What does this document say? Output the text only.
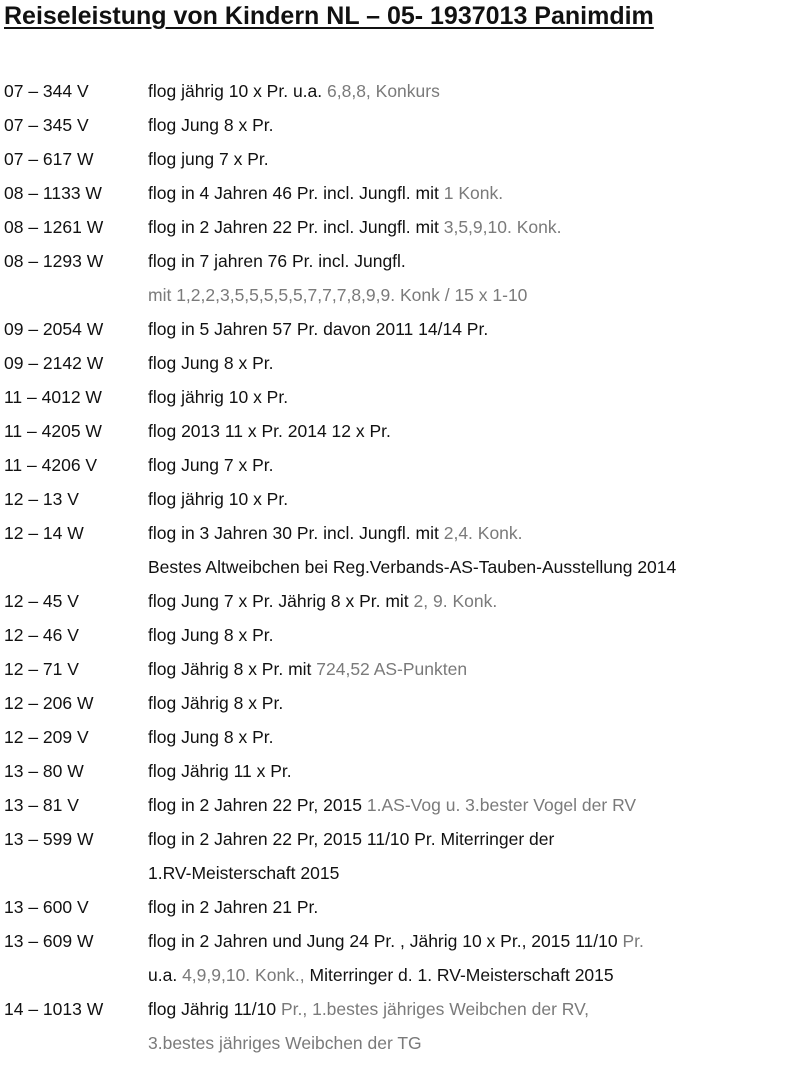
Reiseleistung von Kindern NL – 05- 1937013 Panimdim
07 – 344 V	flog jährig 10 x Pr. u.a. 6,8,8, Konkurs
07 – 345 V	flog Jung 8 x Pr.
07 – 617 W	flog jung 7 x Pr.
08 – 1133 W	flog in 4 Jahren 46 Pr. incl. Jungfl. mit 1 Konk.
08 – 1261 W	flog in 2 Jahren 22 Pr. incl. Jungfl. mit 3,5,9,10. Konk.
08 – 1293 W	flog in 7 jahren 76 Pr. incl. Jungfl.
mit 1,2,2,3,5,5,5,5,5,7,7,7,8,9,9. Konk / 15 x 1-10
09 – 2054 W	flog in 5 Jahren 57 Pr. davon 2011 14/14 Pr.
09 – 2142 W	flog Jung 8 x Pr.
11 – 4012 W	flog jährig 10 x Pr.
11 – 4205 W	flog 2013 11 x Pr. 2014 12 x Pr.
11 – 4206 V	flog Jung 7 x Pr.
12 – 13 V	flog jährig 10 x Pr.
12 – 14 W	flog in 3 Jahren 30 Pr. incl. Jungfl. mit 2,4. Konk.
Bestes Altweibchen bei Reg.Verbands-AS-Tauben-Ausstellung 2014
12 – 45 V	flog Jung 7 x Pr. Jährig 8 x Pr. mit 2, 9. Konk.
12 – 46 V	flog Jung 8 x Pr.
12 – 71 V	flog Jährig 8 x Pr. mit 724,52 AS-Punkten
12 – 206 W	flog Jährig 8 x Pr.
12 – 209 V	flog Jung 8 x Pr.
13 – 80 W	flog Jährig 11 x Pr.
13 – 81 V	flog in 2 Jahren 22 Pr, 2015 1.AS-Vog u. 3.bester Vogel der RV
13 – 599 W	flog in 2 Jahren 22 Pr, 2015 11/10 Pr. Miterringer der
1.RV-Meisterschaft 2015
13 – 600 V	flog in 2 Jahren 21 Pr.
13 – 609 W	flog in 2 Jahren und Jung 24 Pr. , Jährig 10 x Pr., 2015 11/10 Pr.
u.a. 4,9,9,10. Konk., Miterringer d. 1. RV-Meisterschaft 2015
14 – 1013 W	flog Jährig 11/10 Pr., 1.bestes jähriges Weibchen der RV,
3.bestes jähriges Weibchen der TG
